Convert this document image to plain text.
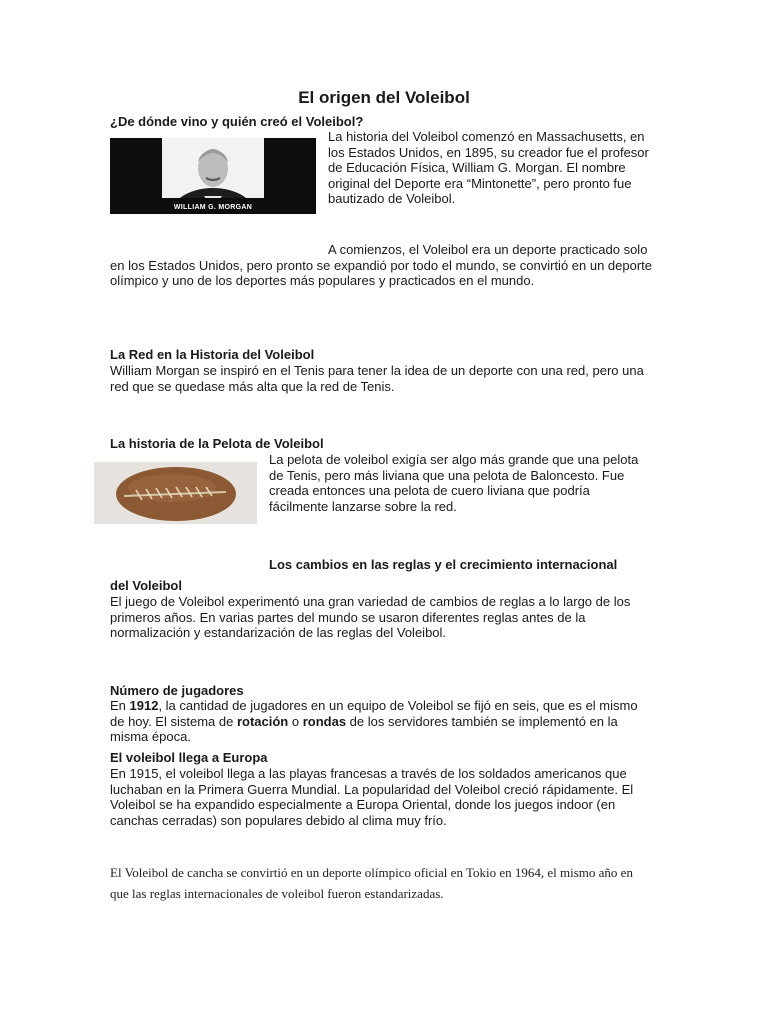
El origen del Voleibol
¿De dónde vino y quién creó el Voleibol?
WILLIAM G. MORGAN
La historia del Voleibol comenzó en Massachusetts, en los Estados Unidos, en 1895, su creador fue el profesor de Educación Física, William G. Morgan. El nombre original del Deporte era “Mintonette”, pero pronto fue bautizado de Voleibol.
A comienzos, el Voleibol era un deporte practicado solo en los Estados Unidos, pero pronto se expandió por todo el mundo, se convirtió en un deporte olímpico y uno de los deportes más populares y practicados en el mundo.
La Red en la Historia del Voleibol
William Morgan se inspiró en el Tenis para tener la idea de un deporte con una red, pero una red que se quedase más alta que la red de Tenis.
La historia de la Pelota de Voleibol
La pelota de voleibol exigía ser algo más grande que una pelota de Tenis, pero más liviana que una pelota de Baloncesto. Fue creada entonces una pelota de cuero liviana que podría fácilmente lanzarse sobre la red.
Los cambios en las reglas y el crecimiento internacional
del Voleibol
El juego de Voleibol experimentó una gran variedad de cambios de reglas a lo largo de los primeros años. En varias partes del mundo se usaron diferentes reglas antes de la normalización y estandarización de las reglas del Voleibol.
Número de jugadores
En 1912, la cantidad de jugadores en un equipo de Voleibol se fijó en seis, que es el mismo de hoy. El sistema de rotación o rondas de los servidores también se implementó en la misma época.
El voleibol llega a Europa
En 1915, el voleibol llega a las playas francesas a través de los soldados americanos que luchaban en la Primera Guerra Mundial. La popularidad del Voleibol creció rápidamente. El Voleibol se ha expandido especialmente a Europa Oriental, donde los juegos indoor (en canchas cerradas) son populares debido al clima muy frío.
El Voleibol de cancha se convirtió en un deporte olímpico oficial en Tokio en 1964, el mismo año en que las reglas internacionales de voleibol fueron estandarizadas.
